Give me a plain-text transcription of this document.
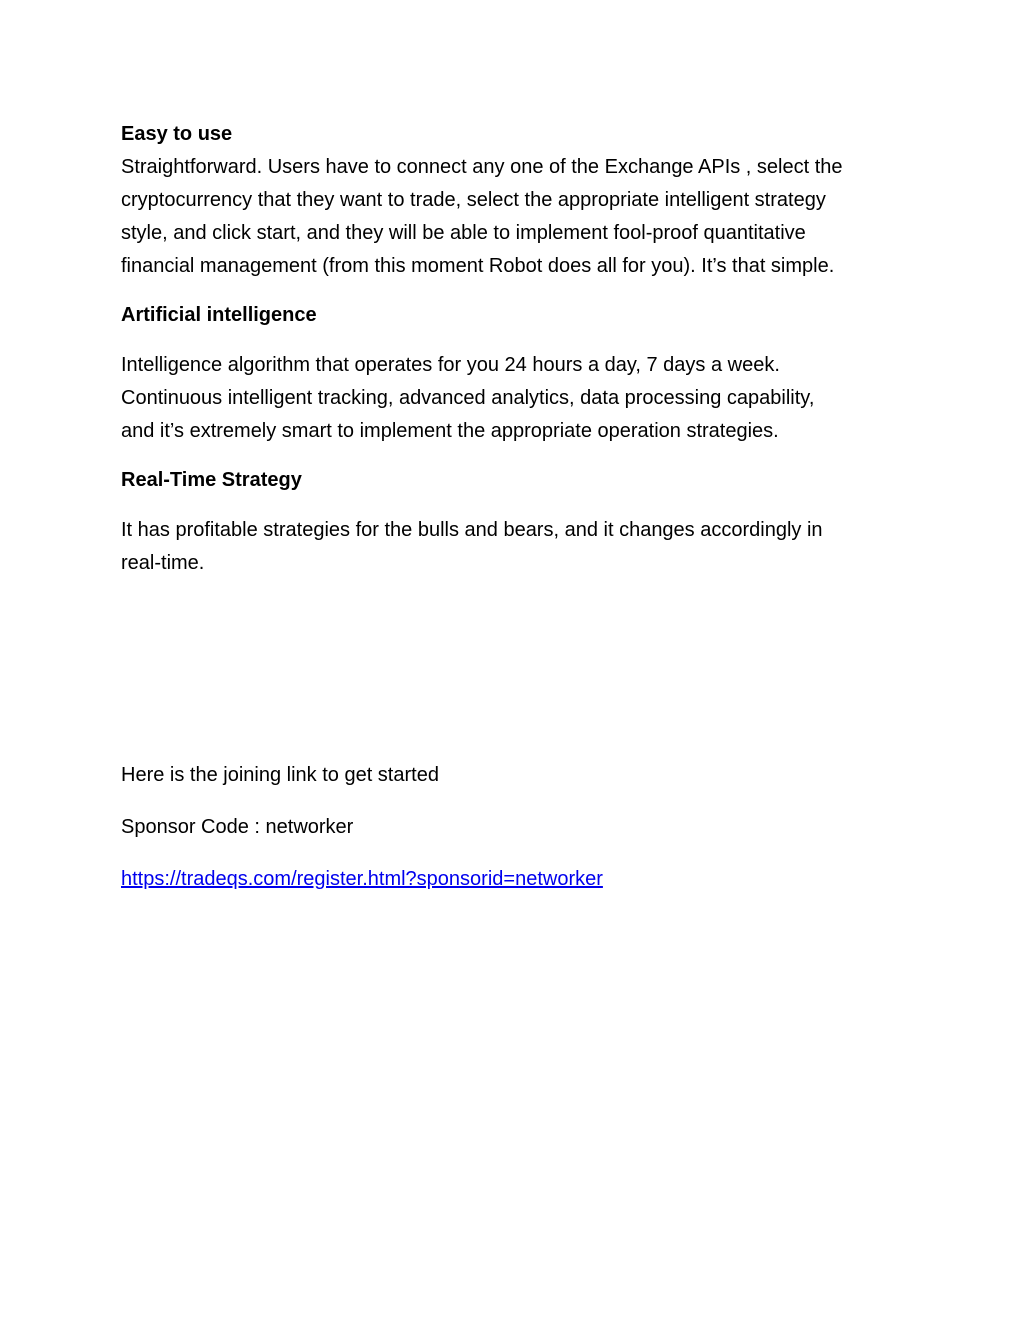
Easy to use
Straightforward. Users have to connect any one of the Exchange APIs , select the
cryptocurrency that they want to trade, select the appropriate intelligent strategy
style, and click start, and they will be able to implement fool-proof quantitative
financial management (from this moment Robot does all for you). It’s that simple.
Artificial intelligence
Intelligence algorithm that operates for you 24 hours a day, 7 days a week.
Continuous intelligent tracking, advanced analytics, data processing capability,
and it’s extremely smart to implement the appropriate operation strategies.
Real-Time Strategy
It has profitable strategies for the bulls and bears, and it changes accordingly in
real-time.
Here is the joining link to get started
Sponsor Code : networker
https://tradeqs.com/register.html?sponsorid=networker
